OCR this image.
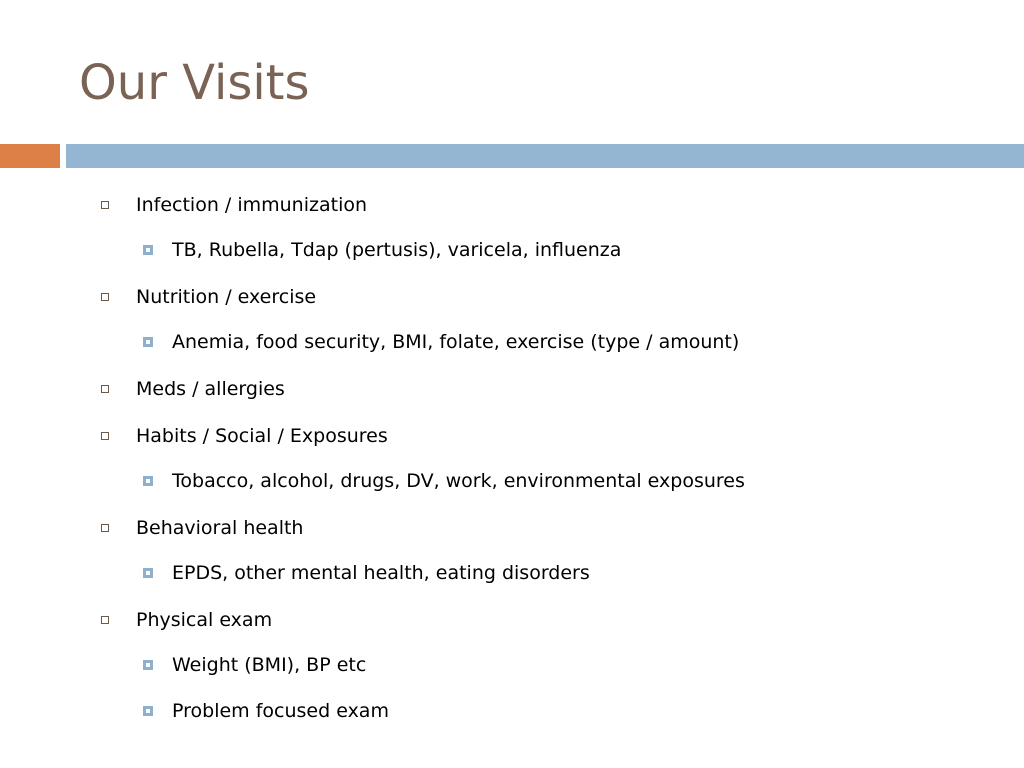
Our Visits
Infection / immunization
TB, Rubella, Tdap (pertusis), varicela, influenza
Nutrition / exercise
Anemia, food security, BMI, folate, exercise (type / amount)
Meds / allergies
Habits / Social / Exposures
Tobacco, alcohol, drugs, DV, work, environmental exposures
Behavioral health
EPDS, other mental health, eating disorders
Physical exam
Weight (BMI), BP etc
Problem focused exam
